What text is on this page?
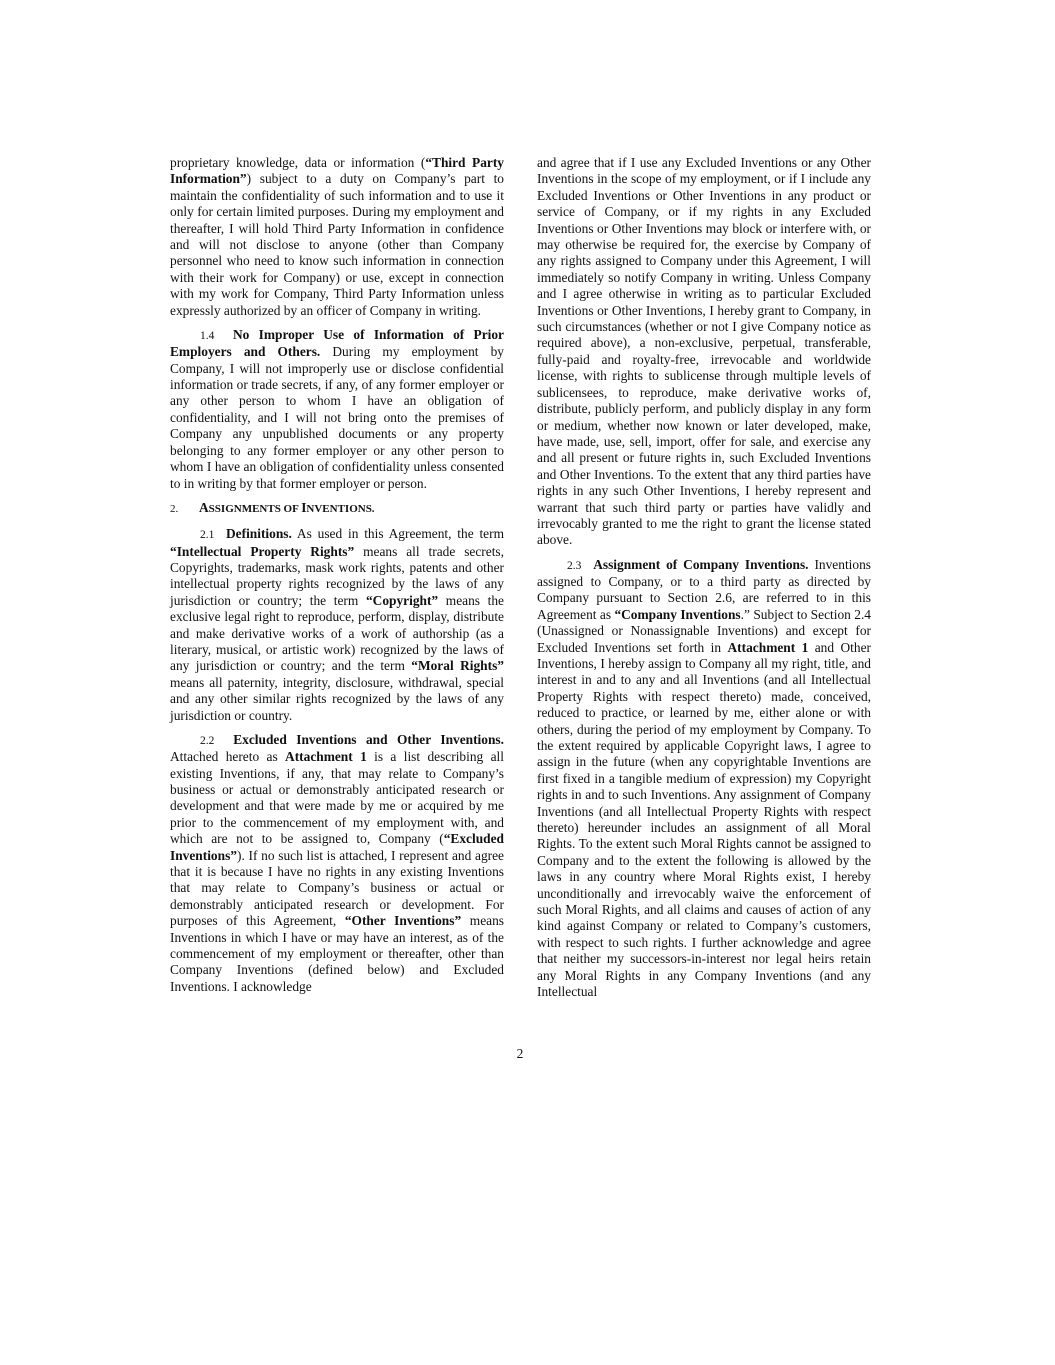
proprietary knowledge, data or information (“Third Party Information”) subject to a duty on Company’s part to maintain the confidentiality of such information and to use it only for certain limited purposes. During my employment and thereafter, I will hold Third Party Information in confidence and will not disclose to anyone (other than Company personnel who need to know such information in connection with their work for Company) or use, except in connection with my work for Company, Third Party Information unless expressly authorized by an officer of Company in writing.

1.4 No Improper Use of Information of Prior Employers and Others. During my employment by Company, I will not improperly use or disclose confidential information or trade secrets, if any, of any former employer or any other person to whom I have an obligation of confidentiality, and I will not bring onto the premises of Company any unpublished documents or any property belonging to any former employer or any other person to whom I have an obligation of confidentiality unless consented to in writing by that former employer or person.

2. ASSIGNMENTS OF INVENTIONS.

2.1 Definitions. As used in this Agreement, the term “Intellectual Property Rights” means all trade secrets, Copyrights, trademarks, mask work rights, patents and other intellectual property rights recognized by the laws of any jurisdiction or country; the term “Copyright” means the exclusive legal right to reproduce, perform, display, distribute and make derivative works of a work of authorship (as a literary, musical, or artistic work) recognized by the laws of any jurisdiction or country; and the term “Moral Rights” means all paternity, integrity, disclosure, withdrawal, special and any other similar rights recognized by the laws of any jurisdiction or country.

2.2 Excluded Inventions and Other Inventions. Attached hereto as Attachment 1 is a list describing all existing Inventions, if any, that may relate to Company’s business or actual or demonstrably anticipated research or development and that were made by me or acquired by me prior to the commencement of my employment with, and which are not to be assigned to, Company (“Excluded Inventions”). If no such list is attached, I represent and agree that it is because I have no rights in any existing Inventions that may relate to Company’s business or actual or demonstrably anticipated research or development. For purposes of this Agreement, “Other Inventions” means Inventions in which I have or may have an interest, as of the commencement of my employment or thereafter, other than Company Inventions (defined below) and Excluded Inventions. I acknowledge

and agree that if I use any Excluded Inventions or any Other Inventions in the scope of my employment, or if I include any Excluded Inventions or Other Inventions in any product or service of Company, or if my rights in any Excluded Inventions or Other Inventions may block or interfere with, or may otherwise be required for, the exercise by Company of any rights assigned to Company under this Agreement, I will immediately so notify Company in writing. Unless Company and I agree otherwise in writing as to particular Excluded Inventions or Other Inventions, I hereby grant to Company, in such circumstances (whether or not I give Company notice as required above), a non-exclusive, perpetual, transferable, fully-paid and royalty-free, irrevocable and worldwide license, with rights to sublicense through multiple levels of sublicensees, to reproduce, make derivative works of, distribute, publicly perform, and publicly display in any form or medium, whether now known or later developed, make, have made, use, sell, import, offer for sale, and exercise any and all present or future rights in, such Excluded Inventions and Other Inventions. To the extent that any third parties have rights in any such Other Inventions, I hereby represent and warrant that such third party or parties have validly and irrevocably granted to me the right to grant the license stated above.

2.3 Assignment of Company Inventions. Inventions assigned to Company, or to a third party as directed by Company pursuant to Section 2.6, are referred to in this Agreement as “Company Inventions.” Subject to Section 2.4 (Unassigned or Nonassignable Inventions) and except for Excluded Inventions set forth in Attachment 1 and Other Inventions, I hereby assign to Company all my right, title, and interest in and to any and all Inventions (and all Intellectual Property Rights with respect thereto) made, conceived, reduced to practice, or learned by me, either alone or with others, during the period of my employment by Company. To the extent required by applicable Copyright laws, I agree to assign in the future (when any copyrightable Inventions are first fixed in a tangible medium of expression) my Copyright rights in and to such Inventions. Any assignment of Company Inventions (and all Intellectual Property Rights with respect thereto) hereunder includes an assignment of all Moral Rights. To the extent such Moral Rights cannot be assigned to Company and to the extent the following is allowed by the laws in any country where Moral Rights exist, I hereby unconditionally and irrevocably waive the enforcement of such Moral Rights, and all claims and causes of action of any kind against Company or related to Company’s customers, with respect to such rights. I further acknowledge and agree that neither my successors-in-interest nor legal heirs retain any Moral Rights in any Company Inventions (and any Intellectual

2
